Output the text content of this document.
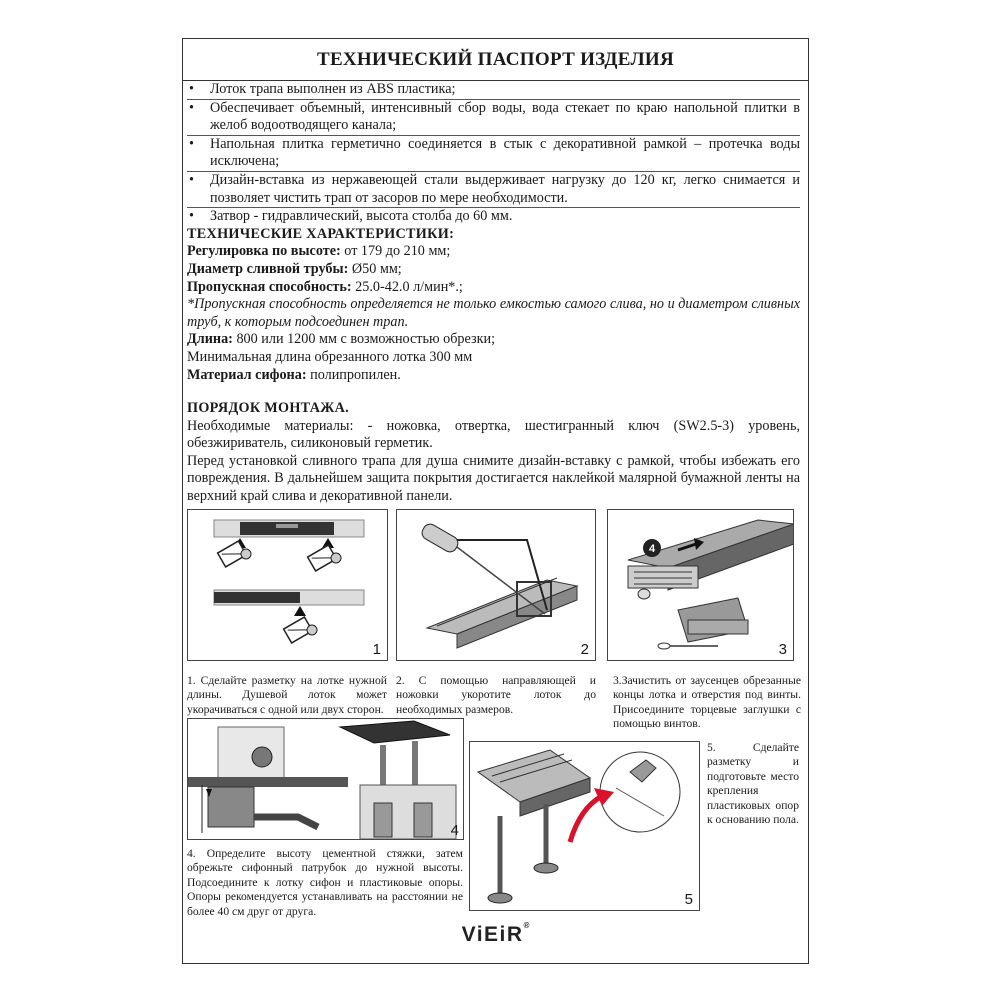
ТЕХНИЧЕСКИЙ ПАСПОРТ ИЗДЕЛИЯ
• Лоток трапа выполнен из ABS пластика;
• Обеспечивает объемный, интенсивный сбор воды, вода стекает по краю напольной плитки в желоб водоотводящего канала;
• Напольная плитка герметично соединяется в стык с декоративной рамкой – протечка воды исключена;
• Дизайн-вставка из нержавеющей стали выдерживает нагрузку до 120 кг, легко снимается и позволяет чистить трап от засоров по мере необходимости.
• Затвор - гидравлический, высота столба до 60 мм.
ТЕХНИЧЕСКИЕ ХАРАКТЕРИСТИКИ:
Регулировка по высоте: от 179 до 210 мм;
Диаметр сливной трубы: Ø50 мм;
Пропускная способность: 25.0-42.0 л/мин*.;
*Пропускная способность определяется не только емкостью самого слива, но и диаметром сливных труб, к которым подсоединен трап.
Длина: 800 или 1200 мм с возможностью обрезки;
Минимальная длина обрезанного лотка 300 мм
Материал сифона: полипропилен.
ПОРЯДОК МОНТАЖА.
Необходимые материалы: - ножовка, отвертка, шестигранный ключ (SW2.5-3) уровень, обезжириватель, силиконовый герметик.
Перед установкой сливного трапа для душа снимите дизайн-вставку с рамкой, чтобы избежать его повреждения. В дальнейшем защита покрытия достигается наклейкой малярной бумажной ленты на верхний край слива и декоративной панели.
1	2
4
3
1. Сделайте разметку на лотке нужной длины. Душевой лоток может укорачиваться с одной или двух сторон.
2. С помощью направляющей и ножовки укоротите лоток до необходимых размеров.
3.Зачистить от заусенцев обрезанные концы лотка и отверстия под винты. Присоедините торцевые заглушки с помощью винтов.
4
5
5. Сделайте разметку и подготовьте место крепления пластиковых опор к основанию пола.
4. Определите высоту цементной стяжки, затем обрежьте сифонный патрубок до нужной высоты. Подсоедините к лотку сифон и пластиковые опоры. Опоры рекомендуется устанавливать на расстоянии не более 40 см друг от друга.
ViEiR®
